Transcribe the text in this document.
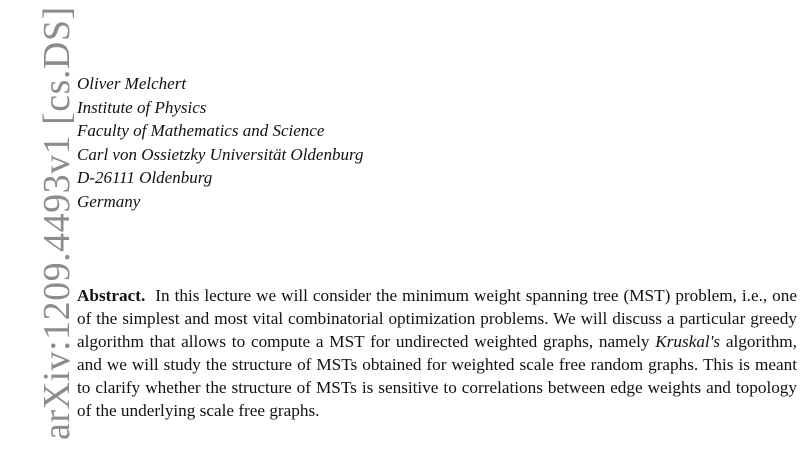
arXiv:1209.4493v1 [cs.DS] Oliver Melchert
Institute of Physics
Faculty of Mathematics and Science
Carl von Ossietzky Universität Oldenburg
D-26111 Oldenburg
Germany
Abstract. In this lecture we will consider the minimum weight spanning tree (MST) problem, i.e., one of the simplest and most vital combinatorial optimization problems. We will discuss a particular greedy algorithm that allows to compute a MST for undirected weighted graphs, namely Kruskal's algorithm, and we will study the structure of MSTs obtained for weighted scale free random graphs. This is meant to clarify whether the structure of MSTs is sensitive to correlations between edge weights and topology of the underlying scale free graphs.
